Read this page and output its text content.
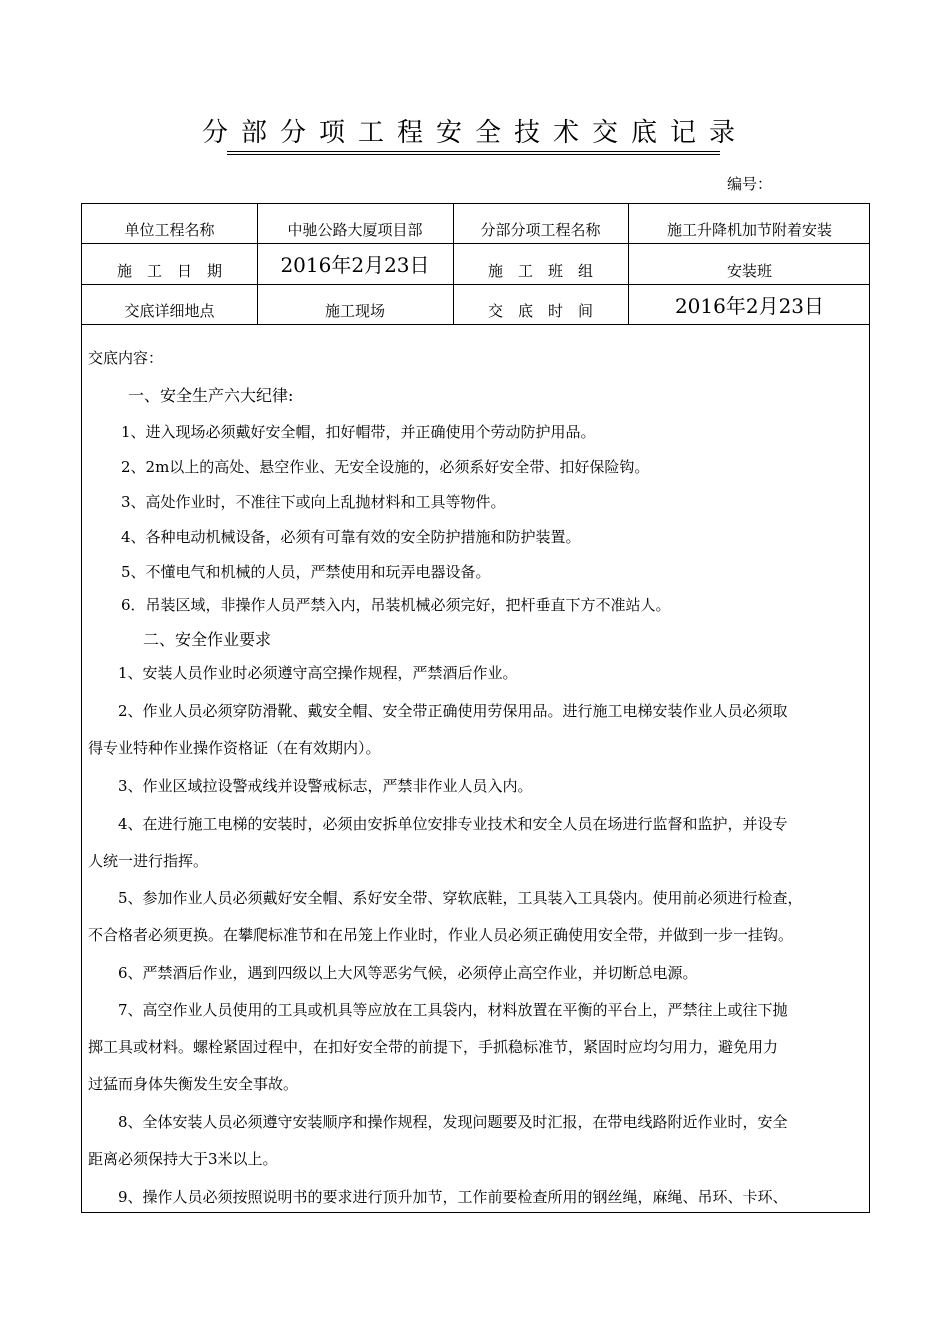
分部分项工程安全技术交底记录
编号：
单位工程名称	中驰公路大厦项目部	分部分项工程名称	施工升降机加节附着安装
施　工　日　期	2016年2月23日	施　工　班　组	安装班
交底详细地点	施工现场	交　底　时　间	2016年2月23日
交底内容：
一、安全生产六大纪律:
1、进入现场必须戴好安全帽，扣好帽带，并正确使用个劳动防护用品。
2、2m以上的高处、悬空作业、无安全设施的，必须系好安全带、扣好保险钩。
3、高处作业时，不准往下或向上乱抛材料和工具等物件。
4、各种电动机械设备，必须有可靠有效的安全防护措施和防护装置。
5、不懂电气和机械的人员，严禁使用和玩弄电器设备。
6．吊装区域，非操作人员严禁入内，吊装机械必须完好，把杆垂直下方不准站人。
二、安全作业要求
1、安装人员作业时必须遵守高空操作规程，严禁酒后作业。
2、作业人员必须穿防滑靴、戴安全帽、安全带正确使用劳保用品。进行施工电梯安装作业人员必须取
得专业特种作业操作资格证（在有效期内）。
3、作业区域拉设警戒线并设警戒标志，严禁非作业人员入内。
4、在进行施工电梯的安装时，必须由安拆单位安排专业技术和安全人员在场进行监督和监护，并设专
人统一进行指挥。
5、参加作业人员必须戴好安全帽、系好安全带、穿软底鞋，工具装入工具袋内。使用前必须进行检查，
不合格者必须更换。在攀爬标准节和在吊笼上作业时，作业人员必须正确使用安全带，并做到一步一挂钩。
6、严禁酒后作业，遇到四级以上大风等恶劣气候，必须停止高空作业，并切断总电源。
7、高空作业人员使用的工具或机具等应放在工具袋内，材料放置在平衡的平台上，严禁往上或往下抛
掷工具或材料。螺栓紧固过程中，在扣好安全带的前提下，手抓稳标准节，紧固时应均匀用力，避免用力
过猛而身体失衡发生安全事故。
8、全体安装人员必须遵守安装顺序和操作规程，发现问题要及时汇报，在带电线路附近作业时，安全
距离必须保持大于3米以上。
9、操作人员必须按照说明书的要求进行顶升加节，工作前要检查所用的钢丝绳，麻绳、吊环、卡环、
